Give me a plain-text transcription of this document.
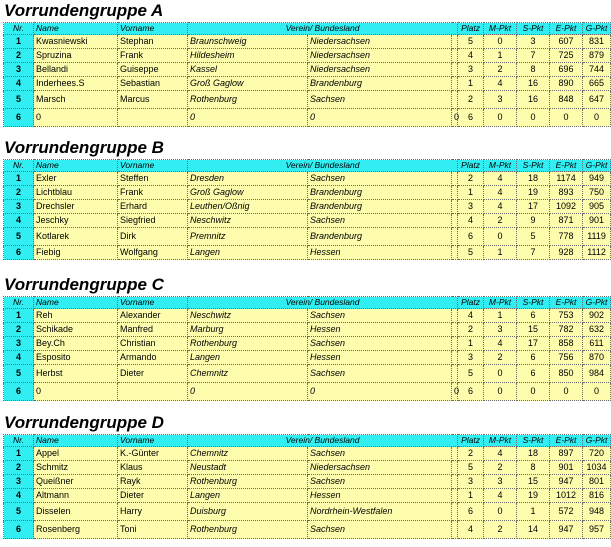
Vorrundengruppe A
Nr.	Name	Vorname	Verein/ Bundesland			Platz	M-Pkt	S-Pkt	E-Pkt	G-Pkt
1	Kwasniewski	Stephan	Braunschweig	Niedersachsen		5	0	3	607	831
2	Spruzina	Frank	Hildesheim	Niedersachsen		4	1	7	725	879
3	Bellandi	Guiseppe	Kassel	Niedersachsen		3	2	8	696	744
4	Inderhees.S	Sebastian	Groß Gaglow	Brandenburg		1	4	16	890	665
5	Marsch	Marcus	Rothenburg	Sachsen		2	3	16	848	647
6	0		0	0	0	6	0	0	0	0
Vorrundengruppe B
Nr.	Name	Vorname	Verein/ Bundesland			Platz	M-Pkt	S-Pkt	E-Pkt	G-Pkt
1	Exler	Steffen	Dresden	Sachsen		2	4	18	1174	949
2	Lichtblau	Frank	Groß Gaglow	Brandenburg		1	4	19	893	750
3	Drechsler	Erhard	Leuthen/Oßnig	Brandenburg		3	4	17	1092	905
4	Jeschky	Siegfried	Neschwitz	Sachsen		4	2	9	871	901
5	Kotlarek	Dirk	Premnitz	Brandenburg		6	0	5	778	1119
6	Fiebig	Wolfgang	Langen	Hessen		5	1	7	928	1112
Vorrundengruppe C
Nr.	Name	Vorname	Verein/ Bundesland			Platz	M-Pkt	S-Pkt	E-Pkt	G-Pkt
1	Reh	Alexander	Neschwitz	Sachsen		4	1	6	753	902
2	Schikade	Manfred	Marburg	Hessen		2	3	15	782	632
3	Bey.Ch	Christian	Rothenburg	Sachsen		1	4	17	858	611
4	Esposito	Armando	Langen	Hessen		3	2	6	756	870
5	Herbst	Dieter	Chemnitz	Sachsen		5	0	6	850	984
6	0		0	0	0	6	0	0	0	0
Vorrundengruppe D
Nr.	Name	Vorname	Verein/ Bundesland			Platz	M-Pkt	S-Pkt	E-Pkt	G-Pkt
1	Appel	K.-Günter	Chemnitz	Sachsen		2	4	18	897	720
2	Schmitz	Klaus	Neustadt	Niedersachsen		5	2	8	901	1034
3	Queißner	Rayk	Rothenburg	Sachsen		3	3	15	947	801
4	Altmann	Dieter	Langen	Hessen		1	4	19	1012	816
5	Disselen	Harry	Duisburg	Nordrhein-Westfalen		6	0	1	572	948
6	Rosenberg	Toni	Rothenburg	Sachsen		4	2	14	947	957
